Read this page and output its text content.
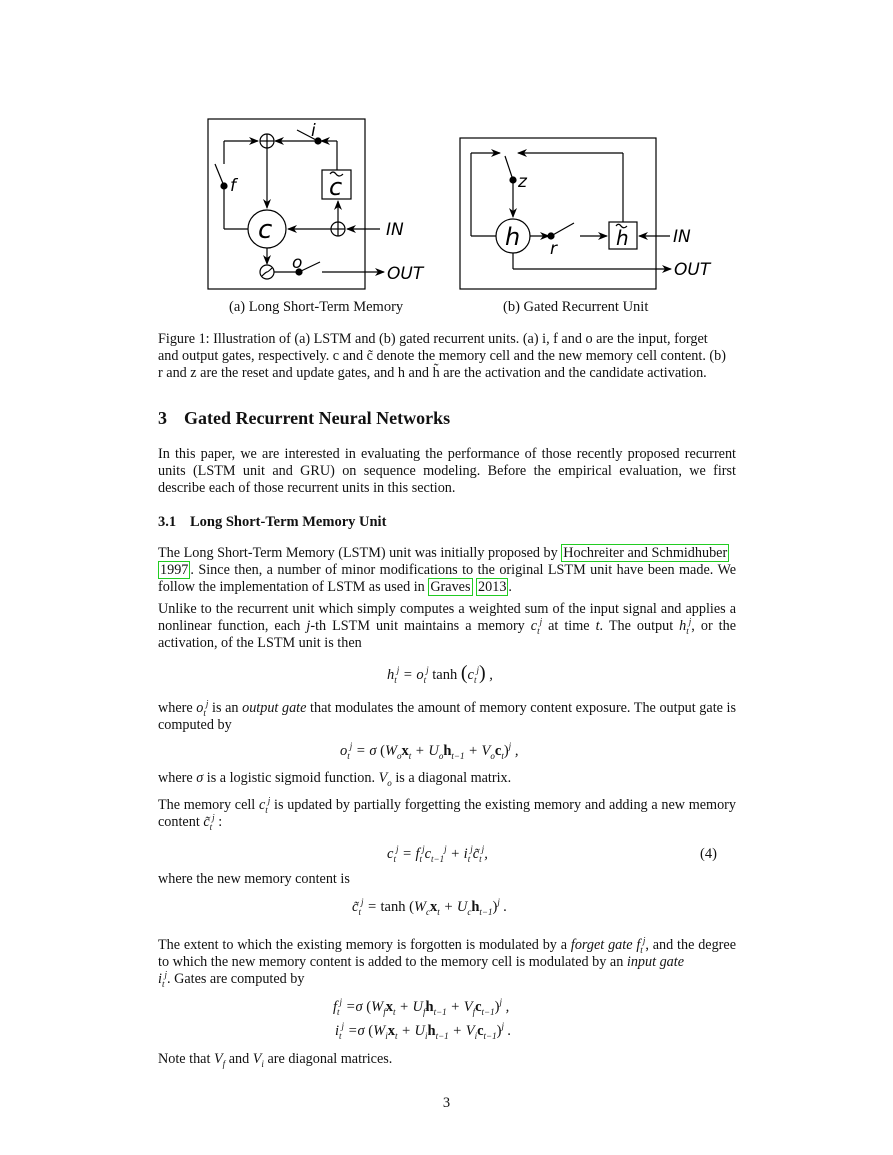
i
f
o
c
c
IN
OUT
z
r
h	h	IN
OUT
(a) Long Short-Term Memory	(b) Gated Recurrent Unit
Figure 1: Illustration of (a) LSTM and (b) gated recurrent units. (a) i, f and o are the input, forget
and output gates, respectively. c and c̃ denote the memory cell and the new memory cell content. (b)
r and z are the reset and update gates, and h and h̃ are the activation and the candidate activation.
3 Gated Recurrent Neural Networks
In this paper, we are interested in evaluating the performance of those recently proposed recurrent units (LSTM unit and GRU) on sequence modeling. Before the empirical evaluation, we first describe each of those recurrent units in this section.
3.1 Long Short-Term Memory Unit
The Long Short-Term Memory (LSTM) unit was initially proposed by Hochreiter and Schmidhuber
1997 . Since then, a number of minor modifications to the original LSTM unit have been made. We follow the implementation of LSTM as used in Graves 2013 .
Unlike to the recurrent unit which simply computes a weighted sum of the input signal and applies a nonlinear function, each j-th LSTM unit maintains a memory $c_t^j$ at time t. The output $h_t^j$, or the activation, of the LSTM unit is then
$h_t^j = o_t^j$ $\tanh (c_t^j)$ ,
where $o_t^j$ is an output gate that modulates the amount of memory content exposure. The output gate is computed by
$o_t^j = \sigma$ $(W_ox_t + U_oh_{t-1} + V_oc_t)^j$ ,
where σ is a logistic sigmoid function. $V_o$ is a diagonal matrix.
The memory cell $c_t^j$ is updated by partially forgetting the existing memory and adding a new memory content $c̃_t^j$ :
$c_t^j = f_t^jc_{t-1}^j$ + $i_t^jc̃_t^j$,	(4)
where the new memory content is
$c̃_t^j = \tanh (W_cx_t + U_ch_{t-1})^j$ .
The extent to which the existing memory is forgotten is modulated by a forget gate $f_t^j$, and the degree to which the new memory content is added to the memory cell is modulated by an input gate
$i_t^j$. Gates are computed by
$f_t^j =\sigma$ $(W_fx_t + U_fh_{t-1} + V_fc_{t-1})^j$ ,
$i_t^j =\sigma$ $(W_ix_t + U_ih_{t-1} + V_ic_{t-1})^j$ .
Note that $V_f$ and $V_i$ are diagonal matrices.
3
